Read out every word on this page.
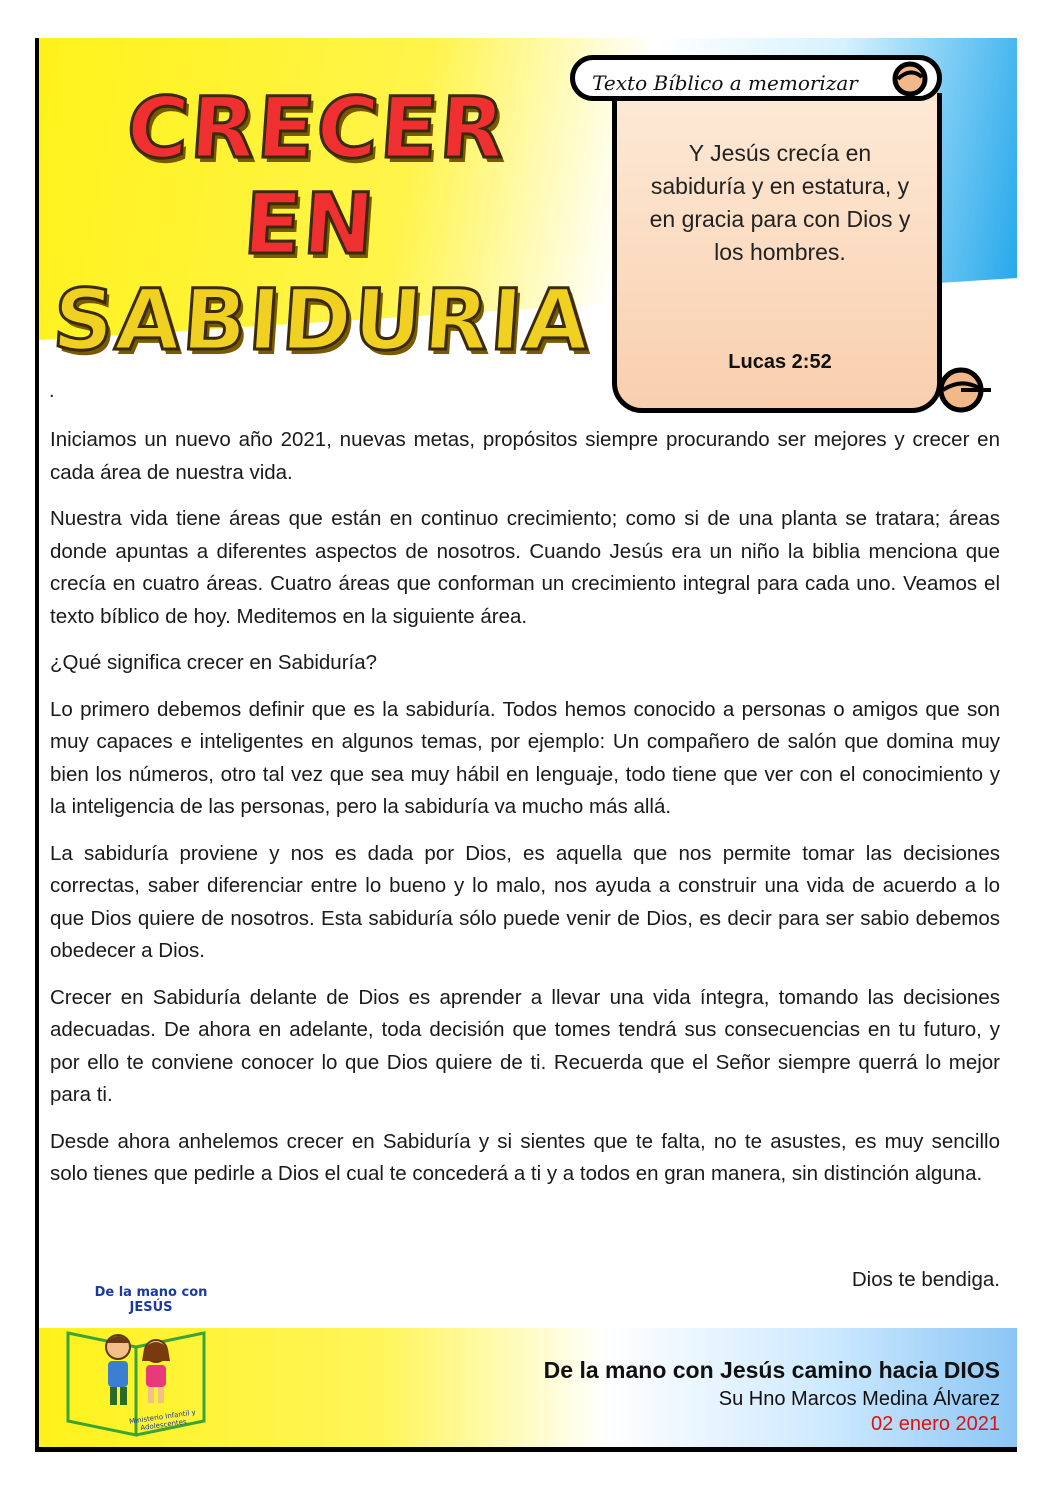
CRECER EN
SABIDURIA
Texto Bíblico a memorizar
Y Jesús crecía en sabiduría y en estatura, y en gracia para con Dios y los hombres.
Lucas 2:52
.

Iniciamos un nuevo año 2021, nuevas metas, propósitos siempre procurando ser mejores y crecer en cada área de nuestra vida.

Nuestra vida tiene áreas que están en continuo crecimiento; como si de una planta se tratara; áreas donde apuntas a diferentes aspectos de nosotros. Cuando Jesús era un niño la biblia menciona que crecía en cuatro áreas. Cuatro áreas que conforman un crecimiento integral para cada uno. Veamos el texto bíblico de hoy. Meditemos en la siguiente área.

¿Qué significa crecer en Sabiduría?

Lo primero debemos definir que es la sabiduría. Todos hemos conocido a personas o amigos que son muy capaces e inteligentes en algunos temas, por ejemplo: Un compañero de salón que domina muy bien los números, otro tal vez que sea muy hábil en lenguaje, todo tiene que ver con el conocimiento y la inteligencia de las personas, pero la sabiduría va mucho más allá.

La sabiduría proviene y nos es dada por Dios, es aquella que nos permite tomar las decisiones correctas, saber diferenciar entre lo bueno y lo malo, nos ayuda a construir una vida de acuerdo a lo que Dios quiere de nosotros. Esta sabiduría sólo puede venir de Dios, es decir para ser sabio debemos obedecer a Dios.

Crecer en Sabiduría delante de Dios es aprender a llevar una vida íntegra, tomando las decisiones adecuadas. De ahora en adelante, toda decisión que tomes tendrá sus consecuencias en tu futuro, y por ello te conviene conocer lo que Dios quiere de ti. Recuerda que el Señor siempre querrá lo mejor para ti.

Desde ahora anhelemos crecer en Sabiduría y si sientes que te falta, no te asustes, es muy sencillo solo tienes que pedirle a Dios el cual te concederá a ti y a todos en gran manera, sin distinción alguna.

Dios te bendiga.
De la mano con JESÚS
Ministerio Infantil y Adolescentes
De la mano con Jesús camino hacia DIOS
Su Hno Marcos Medina Álvarez
02 enero 2021
